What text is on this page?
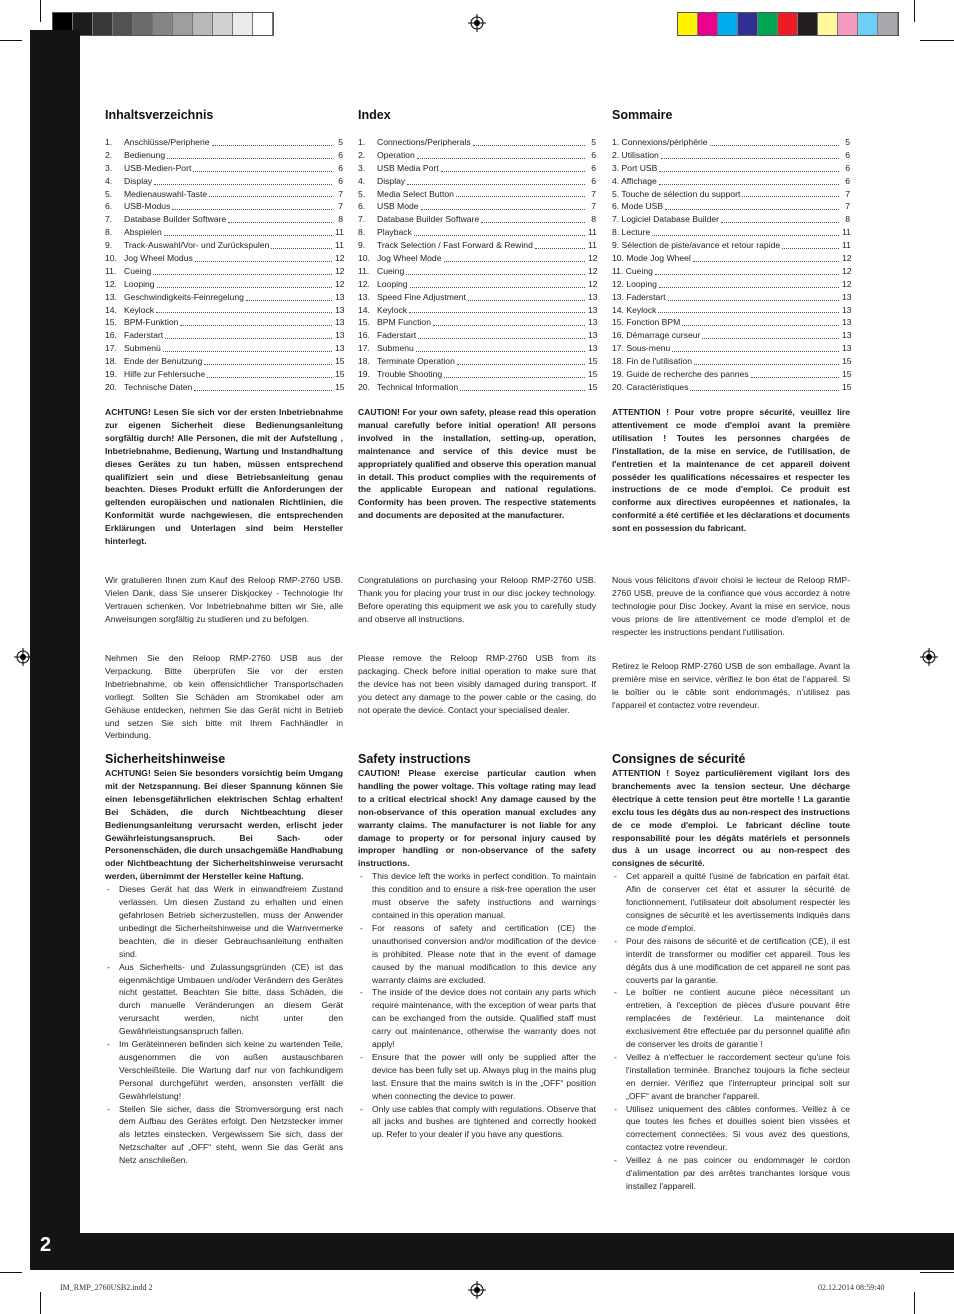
2
Inhaltsverzeichnis
1.	Anschlüsse/Peripherie	5
2.	Bedienung	6
3.	USB-Medien-Port	6
4.	Display	6
5.	Medienauswahl-Taste	7
6.	USB-Modus	7
7.	Database Builder Software	8
8.	Abspielen	11
9.	Track-Auswahl/Vor- und Zurückspulen	11
10. Jog Wheel Modus	12
11. Cueing	12
12. Looping	12
13. Geschwindigkeits-Feinregelung	13
14. Keylock	13
15. BPM-Funktion	13
16. Faderstart	13
17. Submenü	13
18. Ende der Benutzung	15
19. Hilfe zur Fehlersuche	15
20. Technische Daten	15

ACHTUNG! Lesen Sie sich vor der ersten Inbetriebnahme zur eigenen Sicherheit diese Bedienungsanleitung sorgfältig durch! Alle Personen, die mit der Aufstellung , Inbetriebnahme, Bedienung, Wartung und Instandhaltung dieses Gerätes zu tun haben, müssen entsprechend qualifiziert sein und diese Betriebsanleitung genau beachten. Dieses Produkt erfüllt die Anforderungen der geltenden europäischen und nationalen Richtlinien, die Konformität wurde nachgewiesen, die entsprechenden Erklärungen und Unterlagen sind beim Hersteller hinterlegt.

Wir gratulieren Ihnen zum Kauf des Reloop RMP-2760 USB. Vielen Dank, dass Sie unserer Diskjockey - Technologie Ihr Vertrauen schenken. Vor Inbetriebnahme bitten wir Sie, alle Anweisungen sorgfältig zu studieren und zu befolgen.

Nehmen Sie den Reloop RMP-2760 USB aus der Verpackung. Bitte überprüfen Sie vor der ersten Inbetriebnahme, ob kein offensichtlicher Transportschaden vorliegt. Sollten Sie Schäden am Stromkabel oder am Gehäuse entdecken, nehmen Sie das Gerät nicht in Betrieb und setzen Sie sich bitte mit Ihrem Fachhändler in Verbindung.

Sicherheitshinweise

ACHTUNG! Seien Sie besonders vorsichtig beim Umgang mit der Netzspannung. Bei dieser Spannung können Sie einen lebensgefährlichen elektrischen Schlag erhalten! Bei Schäden, die durch Nichtbeachtung dieser Bedienungsanleitung verursacht werden, erlischt jeder Gewährleistungsanspruch. Bei Sach- oder Personenschäden, die durch unsachgemäße Handhabung oder Nichtbeachtung der Sicherheitshinweise verursacht werden, übernimmt der Hersteller keine Haftung.

- Dieses Gerät hat das Werk in einwandfreiem Zustand verlassen. Um diesen Zustand zu erhalten und einen gefahrlosen Betrieb sicherzustellen, muss der Anwender unbedingt die Sicherheitshinweise und die Warnvermerke beachten, die in dieser Gebrauchsanleitung enthalten sind.
- Aus Sicherheits- und Zulassungsgründen (CE) ist das eigenmächtige Umbauen und/oder Verändern des Gerätes nicht gestattet. Beachten Sie bitte, dass Schäden, die durch manuelle Veränderungen an diesem Gerät verursacht werden, nicht unter den Gewährleistungsanspruch fallen.
- Im Geräteinneren befinden sich keine zu wartenden Teile, ausgenommen die von außen austauschbaren Verschleißteile. Die Wartung darf nur von fachkundigem Personal durchgeführt werden, ansonsten verfällt die Gewährleistung!
- Stellen Sie sicher, dass die Stromversorgung erst nach dem Aufbau des Gerätes erfolgt. Den Netzstecker immer als letztes einstecken. Vergewissern Sie sich, dass der Netzschalter auf „OFF“ steht, wenn Sie das Gerät ans Netz anschließen.
Index
1.	Connections/Peripherals	5
2.	Operation	6
3.	USB Media Port	6
4.	Display	6
5.	Media Select Button	7
6.	USB Mode	7
7.	Database Builder Software	8
8.	Playback	11
9.	Track Selection / Fast Forward & Rewind	11
10. Jog Wheel Mode	12
11. Cueing	12
12. Looping	12
13. Speed Fine Adjustment	13
14. Keylock	13
15. BPM Function	13
16. Faderstart	13
17. Submenu	13
18. Terminate Operation	15
19. Trouble Shooting	15
20. Technical Information	15

CAUTION! For your own safety, please read this operation manual carefully before initial operation! All persons involved in the installation, setting-up, operation, maintenance and service of this device must be appropriately qualified and observe this operation manual in detail. This product complies with the requirements of the applicable European and national regulations. Conformity has been proven. The respective statements and documents are deposited at the manufacturer.

Congratulations on purchasing your Reloop RMP-2760 USB. Thank you for placing your trust in our disc jockey technology. Before operating this equipment we ask you to carefully study and observe all instructions.

Please remove the Reloop RMP-2760 USB from its packaging. Check before initial operation to make sure that the device has not been visibly damaged during transport. If you detect any damage to the power cable or the casing, do not operate the device. Contact your specialised dealer.

Safety instructions

CAUTION! Please exercise particular caution when handling the power voltage. This voltage rating may lead to a critical electrical shock! Any damage caused by the non-observance of this operation manual excludes any warranty claims. The manufacturer is not liable for any damage to property or for personal injury caused by improper handling or non-observance of the safety instructions.

- This device left the works in perfect condition. To maintain this condition and to ensure a risk-free operation the user must observe the safety instructions and warnings contained in this operation manual.
- For reasons of safety and certification (CE) the unauthorised conversion and/or modification of the device is prohibited. Please note that in the event of damage caused by the manual modification to this device any warranty claims are excluded.
- The inside of the device does not contain any parts which require maintenance, with the exception of wear parts that can be exchanged from the outside. Qualified staff must carry out maintenance, otherwise the warranty does not apply!
- Ensure that the power will only be supplied after the device has been fully set up. Always plug in the mains plug last. Ensure that the mains switch is in the „OFF“ position when connecting the device to power.
- Only use cables that comply with regulations. Observe that all jacks and bushes are tightened and correctly hooked up. Refer to your dealer if you have any questions.
Sommaire
1. Connexions/périphérie	5
2. Utilisation	6
3. Port USB	6
4. Affichage	6
5. Touche de sélection du support	7
6. Mode USB	7
7. Logiciel Database Builder	8
8. Lecture	11
9. Sélection de piste/avance et retour rapide	11
10. Mode Jog Wheel	12
11. Cueing	12
12. Looping	12
13. Faderstart	13
14. Keylock	13
15. Fonction BPM	13
16. Démarrage curseur	13
17. Sous-menu	13
18. Fin de l'utilisation	15
19. Guide de recherche des pannes	15
20. Caractéristiques	15

ATTENTION ! Pour votre propre sécurité, veuillez lire attentivement ce mode d'emploi avant la première utilisation ! Toutes les personnes chargées de l'installation, de la mise en service, de l'utilisation, de l'entretien et la maintenance de cet appareil doivent posséder les qualifications nécessaires et respecter les instructions de ce mode d'emploi. Ce produit est conforme aux directives européennes et nationales, la conformité a été certifiée et les déclarations et documents sont en possession du fabricant.

Nous vous félicitons d'avoir choisi le lecteur de Reloop RMP-2760 USB, preuve de la confiance que vous accordez à notre technologie pour Disc Jockey. Avant la mise en service, nous vous prions de lire attentivement ce mode d'emploi et de respecter les instructions pendant l'utilisation.

Retirez le Reloop RMP-2760 USB de son emballage. Avant la première mise en service, vérifiez le bon état de l'appareil. Si le boîtier ou le câble sont endommagés, n'utilisez pas l'appareil et contactez votre revendeur.

Consignes de sécurité

ATTENTION ! Soyez particulièrement vigilant lors des branchements avec la tension secteur. Une décharge électrique à cette tension peut être mortelle ! La garantie exclu tous les dégâts dus au non-respect des instructions de ce mode d'emploi. Le fabricant décline toute responsabilité pour les dégâts matériels et personnels dus à un usage incorrect ou au non-respect des consignes de sécurité.

- Cet appareil a quitté l'usine de fabrication en parfait état. Afin de conserver cet état et assurer la sécurité de fonctionnement, l'utilisateur doit absolument respecter les consignes de sécurité et les avertissements indiqués dans ce mode d'emploi.
- Pour des raisons de sécurité et de certification (CE), il est interdit de transformer ou modifier cet appareil. Tous les dégâts dus à une modification de cet appareil ne sont pas couverts par la garantie.
- Le boîtier ne contient aucune pièce nécessitant un entretien, à l'exception de pièces d'usure pouvant être remplacées de l'extérieur. La maintenance doit exclusivement être effectuée par du personnel qualifié afin de conserver les droits de garantie !
- Veillez à n'effectuer le raccordement secteur qu'une fois l'installation terminée. Branchez toujours la fiche secteur en dernier. Vérifiez que l'interrupteur principal soit sur „OFF“ avant de brancher l'appareil.
- Utilisez uniquement des câbles conformes. Veillez à ce que toutes les fiches et douilles soient bien vissées et correctement connectées. Si vous avez des questions, contactez votre revendeur.
- Veillez à ne pas coincer ou endommager le cordon d'alimentation par des arrêtes tranchantes lorsque vous installez l'appareil.
IM_RMP_2760USB2.indd 2	02.12.2014 08:59:40
